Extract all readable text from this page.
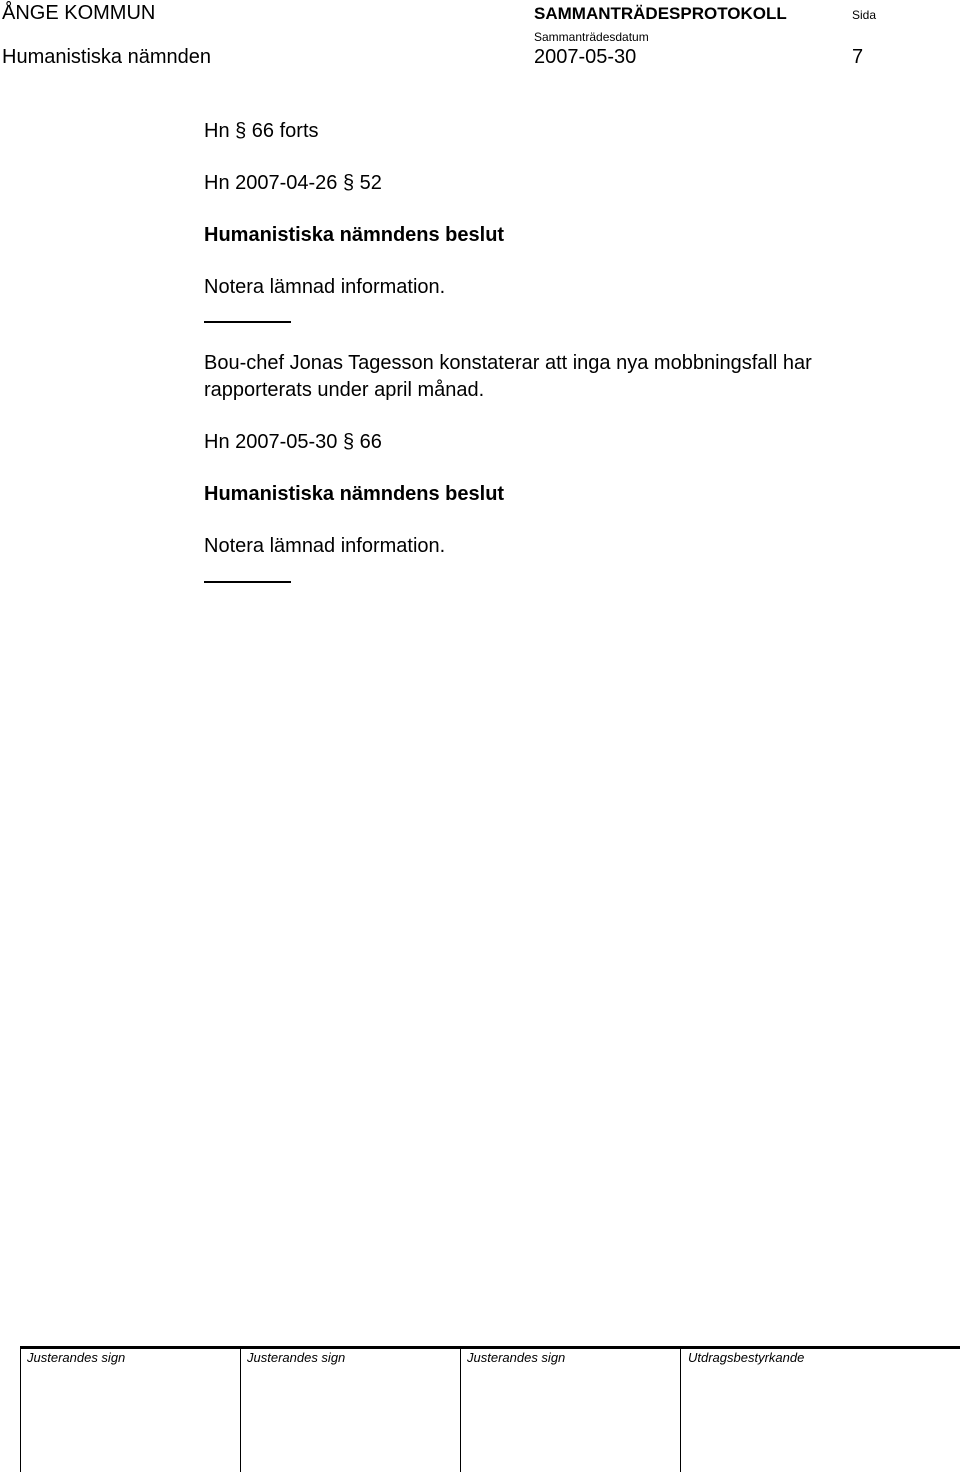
ÅNGE KOMMUN	SAMMANTRÄDESPROTOKOLL	Sida
Humanistiska nämnden
Sammanträdesdatum
2007-05-30	7
Hn § 66 forts
Hn 2007-04-26 § 52
Humanistiska nämndens beslut
Notera lämnad information.
Bou-chef Jonas Tagesson konstaterar att inga nya mobbningsfall har
rapporterats under april månad.
Hn 2007-05-30 § 66
Humanistiska nämndens beslut
Notera lämnad information.
Justerandes sign	Justerandes sign	Justerandes sign	Utdragsbestyrkande
